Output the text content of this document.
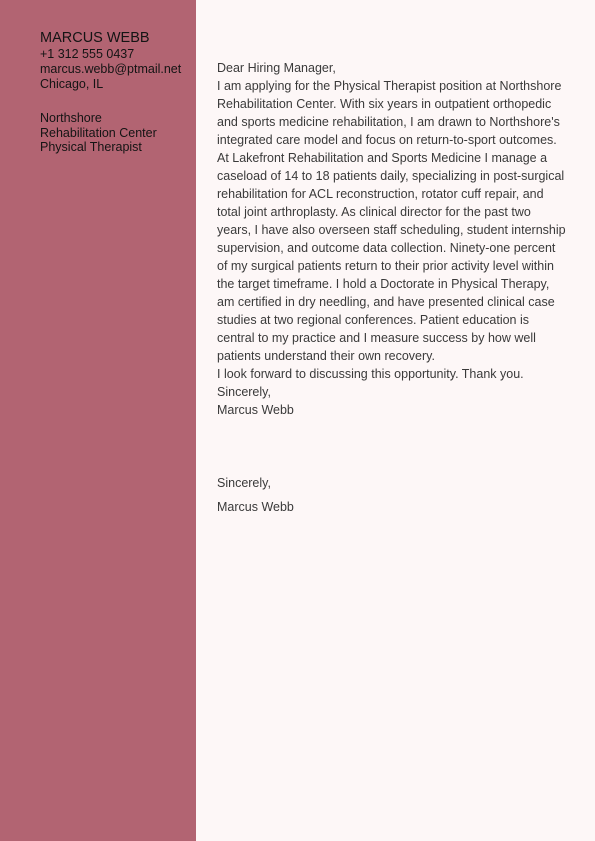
MARCUS WEBB
+1 312 555 0437
marcus.webb@ptmail.net
Chicago, IL
Northshore
Rehabilitation Center
Physical Therapist
Dear Hiring Manager,
I am applying for the Physical Therapist position at Northshore Rehabilitation Center. With six years in outpatient orthopedic and sports medicine rehabilitation, I am drawn to Northshore's integrated care model and focus on return-to-sport outcomes.
At Lakefront Rehabilitation and Sports Medicine I manage a caseload of 14 to 18 patients daily, specializing in post-surgical rehabilitation for ACL reconstruction, rotator cuff repair, and total joint arthroplasty. As clinical director for the past two years, I have also overseen staff scheduling, student internship supervision, and outcome data collection. Ninety-one percent of my surgical patients return to their prior activity level within the target timeframe. I hold a Doctorate in Physical Therapy, am certified in dry needling, and have presented clinical case studies at two regional conferences. Patient education is central to my practice and I measure success by how well patients understand their own recovery.
I look forward to discussing this opportunity. Thank you.
Sincerely,
Marcus Webb
Sincerely,
Marcus Webb
